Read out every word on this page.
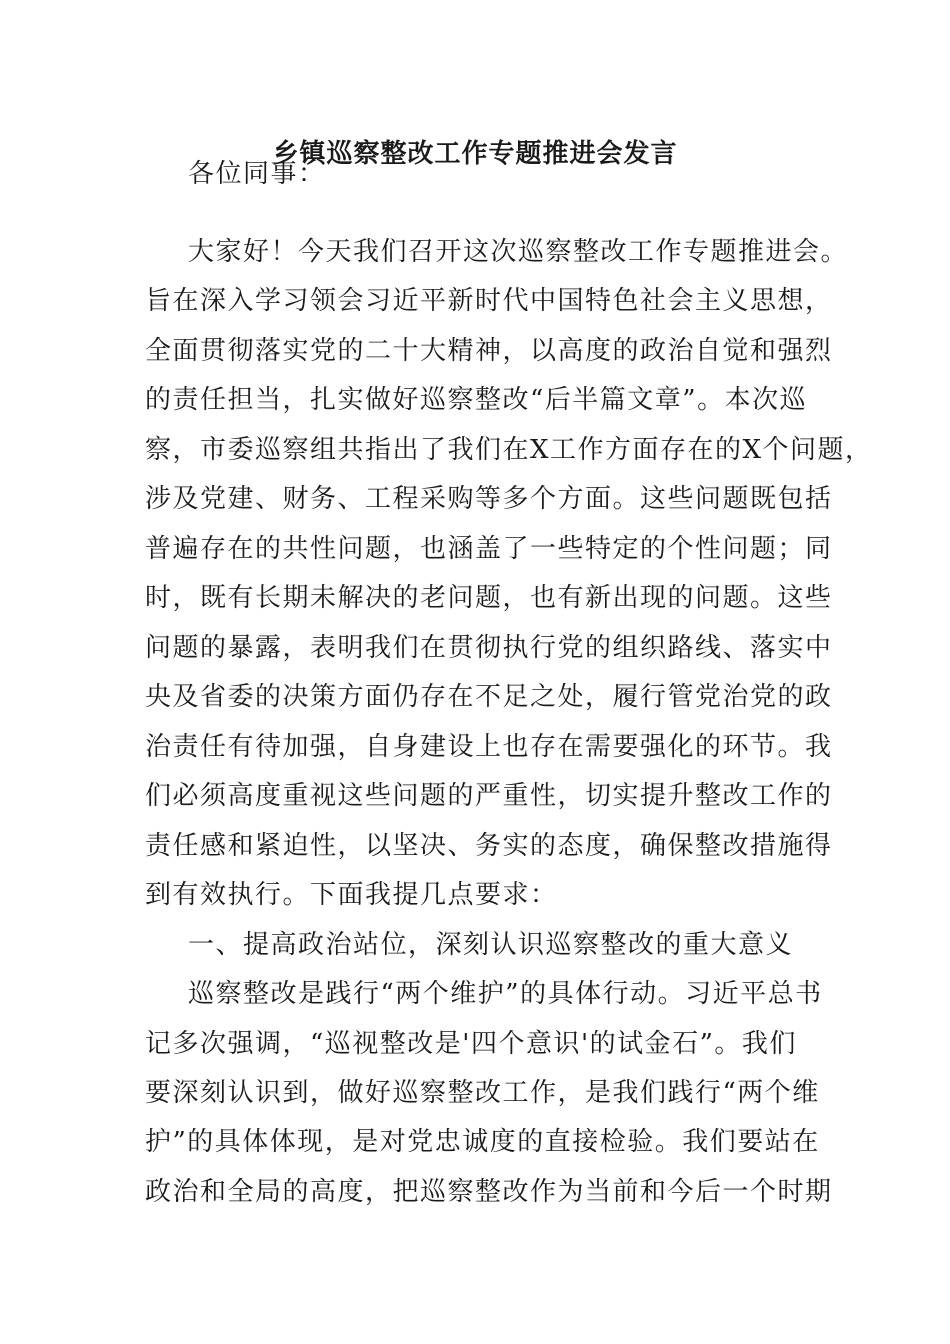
乡镇巡察整改工作专题推进会发言
各位同事：
大家好！今天我们召开这次巡察整改工作专题推进会。
旨在深入学习领会习近平新时代中国特色社会主义思想，
全面贯彻落实党的二十大精神，以高度的政治自觉和强烈
的责任担当，扎实做好巡察整改“后半篇文章”。本次巡
察，市委巡察组共指出了我们在X工作方面存在的X个问题，
涉及党建、财务、工程采购等多个方面。这些问题既包括
普遍存在的共性问题，也涵盖了一些特定的个性问题；同
时，既有长期未解决的老问题，也有新出现的问题。这些
问题的暴露，表明我们在贯彻执行党的组织路线、落实中
央及省委的决策方面仍存在不足之处，履行管党治党的政
治责任有待加强，自身建设上也存在需要强化的环节。我
们必须高度重视这些问题的严重性，切实提升整改工作的
责任感和紧迫性，以坚决、务实的态度，确保整改措施得
到有效执行。下面我提几点要求：
一、提高政治站位，深刻认识巡察整改的重大意义
巡察整改是践行“两个维护”的具体行动。习近平总书
记多次强调，“巡视整改是'四个意识'的试金石”。我们
要深刻认识到，做好巡察整改工作，是我们践行“两个维
护”的具体体现，是对党忠诚度的直接检验。我们要站在
政治和全局的高度，把巡察整改作为当前和今后一个时期
